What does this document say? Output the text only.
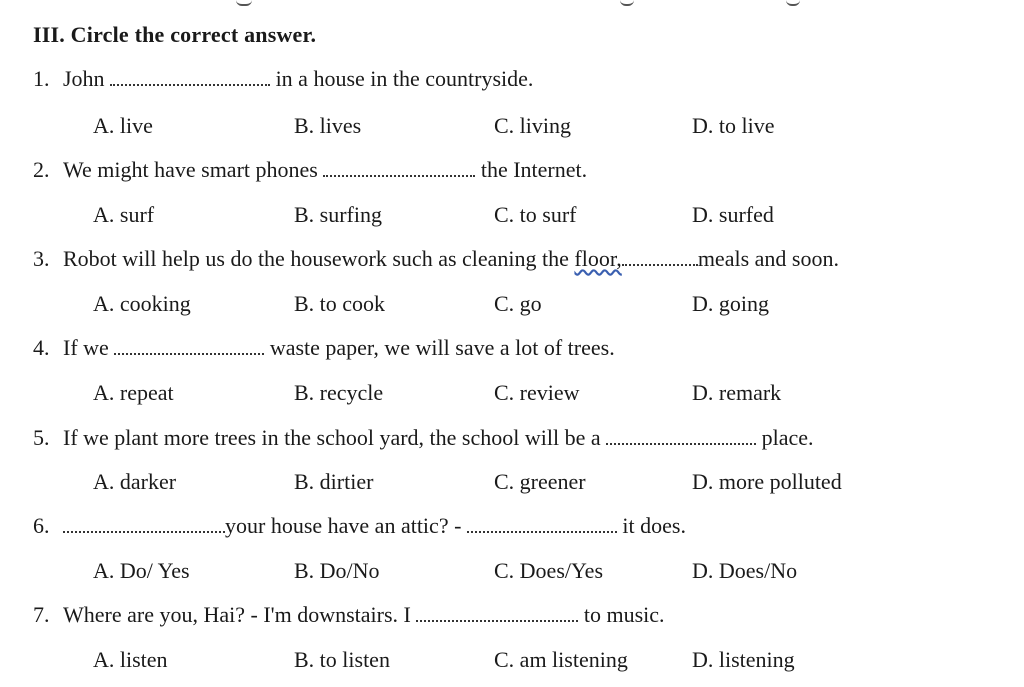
III. Circle the correct answer.
1. John	in a house in the countryside.
A. live	B. lives	C. living	D. to live
2. We might have smart phones	the Internet.
A. surf	B. surfing	C. to surf	D. surfed
3. Robot will help us do the housework such as cleaning the floor,	meals and soon.
A. cooking	B. to cook	C. go	D. going
4. If we	waste paper, we will save a lot of trees.
A. repeat	B. recycle	C. review	D. remark
5. If we plant more trees in the school yard, the school will be a	place.
A. darker	B. dirtier	C. greener	D. more polluted
6.	your house have an attic? -	it does.
A. Do/ Yes	B. Do/No	C. Does/Yes	D. Does/No
7. Where are you, Hai? - I'm downstairs. I	to music.
A. listen	B. to listen	C. am listening	D. listening
